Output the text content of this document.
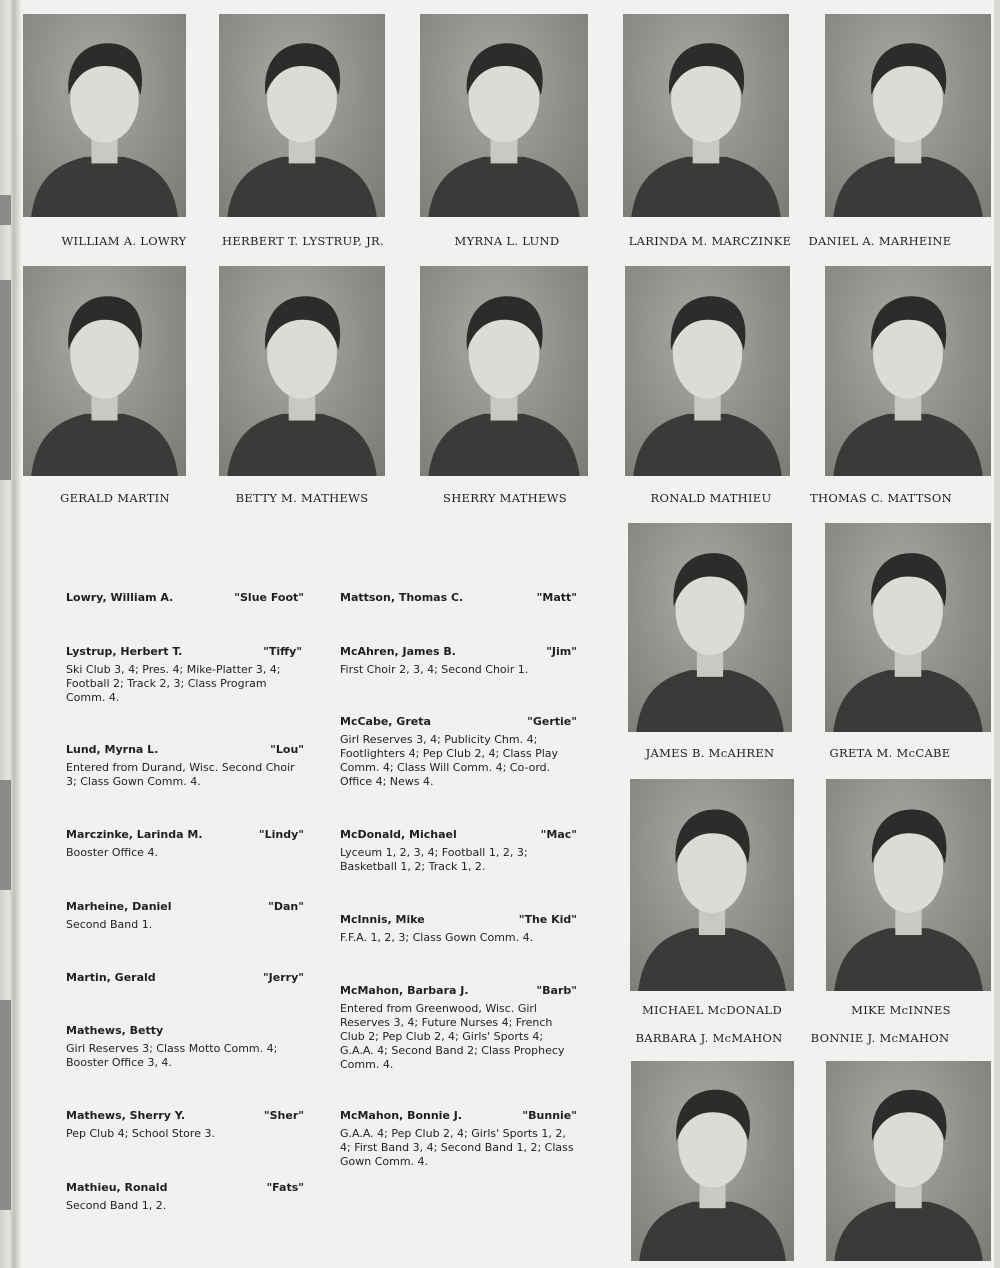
WILLIAM A. LOWRY	HERBERT T. LYSTRUP, JR.	MYRNA L. LUND	LARINDA M. MARCZINKE	DANIEL A. MARHEINE
GERALD MARTIN	BETTY M. MATHEWS	SHERRY MATHEWS	RONALD MATHIEU	THOMAS C. MATTSON
JAMES B. McAHREN	GRETA M. McCABE
MICHAEL McDONALD	MIKE McINNES
BARBARA J. McMAHON	BONNIE J. McMAHON
Lowry, William A.	"Slue Foot"
Lystrup, Herbert T.	"Tiffy"
Ski Club 3, 4; Pres. 4; Mike-Platter 3, 4; Football 2; Track 2, 3; Class Program Comm. 4.
Lund, Myrna L.	"Lou"
Entered from Durand, Wisc. Second Choir 3; Class Gown Comm. 4.
Marczinke, Larinda M.	"Lindy"
Booster Office 4.
Marheine, Daniel	"Dan"
Second Band 1.
Martin, Gerald	"Jerry"
Mathews, Betty
Girl Reserves 3; Class Motto Comm. 4; Booster Office 3, 4.
Mathews, Sherry Y.	"Sher"
Pep Club 4; School Store 3.
Mathieu, Ronald	"Fats"
Second Band 1, 2.
Mattson, Thomas C.	"Matt"
McAhren, James B.	"Jim"
First Choir 2, 3, 4; Second Choir 1.
McCabe, Greta	"Gertie"
Girl Reserves 3, 4; Publicity Chm. 4; Footlighters 4; Pep Club 2, 4; Class Play Comm. 4; Class Will Comm. 4; Co-ord. Office 4; News 4.
McDonald, Michael	"Mac"
Lyceum 1, 2, 3, 4; Football 1, 2, 3; Basketball 1, 2; Track 1, 2.
McInnis, Mike	"The Kid"
F.F.A. 1, 2, 3; Class Gown Comm. 4.
McMahon, Barbara J.	"Barb"
Entered from Greenwood, Wisc. Girl Reserves 3, 4; Future Nurses 4; French Club 2; Pep Club 2, 4; Girls' Sports 4; G.A.A. 4; Second Band 2; Class Prophecy Comm. 4.
McMahon, Bonnie J.	"Bunnie"
G.A.A. 4; Pep Club 2, 4; Girls' Sports 1, 2, 4; First Band 3, 4; Second Band 1, 2; Class Gown Comm. 4.
